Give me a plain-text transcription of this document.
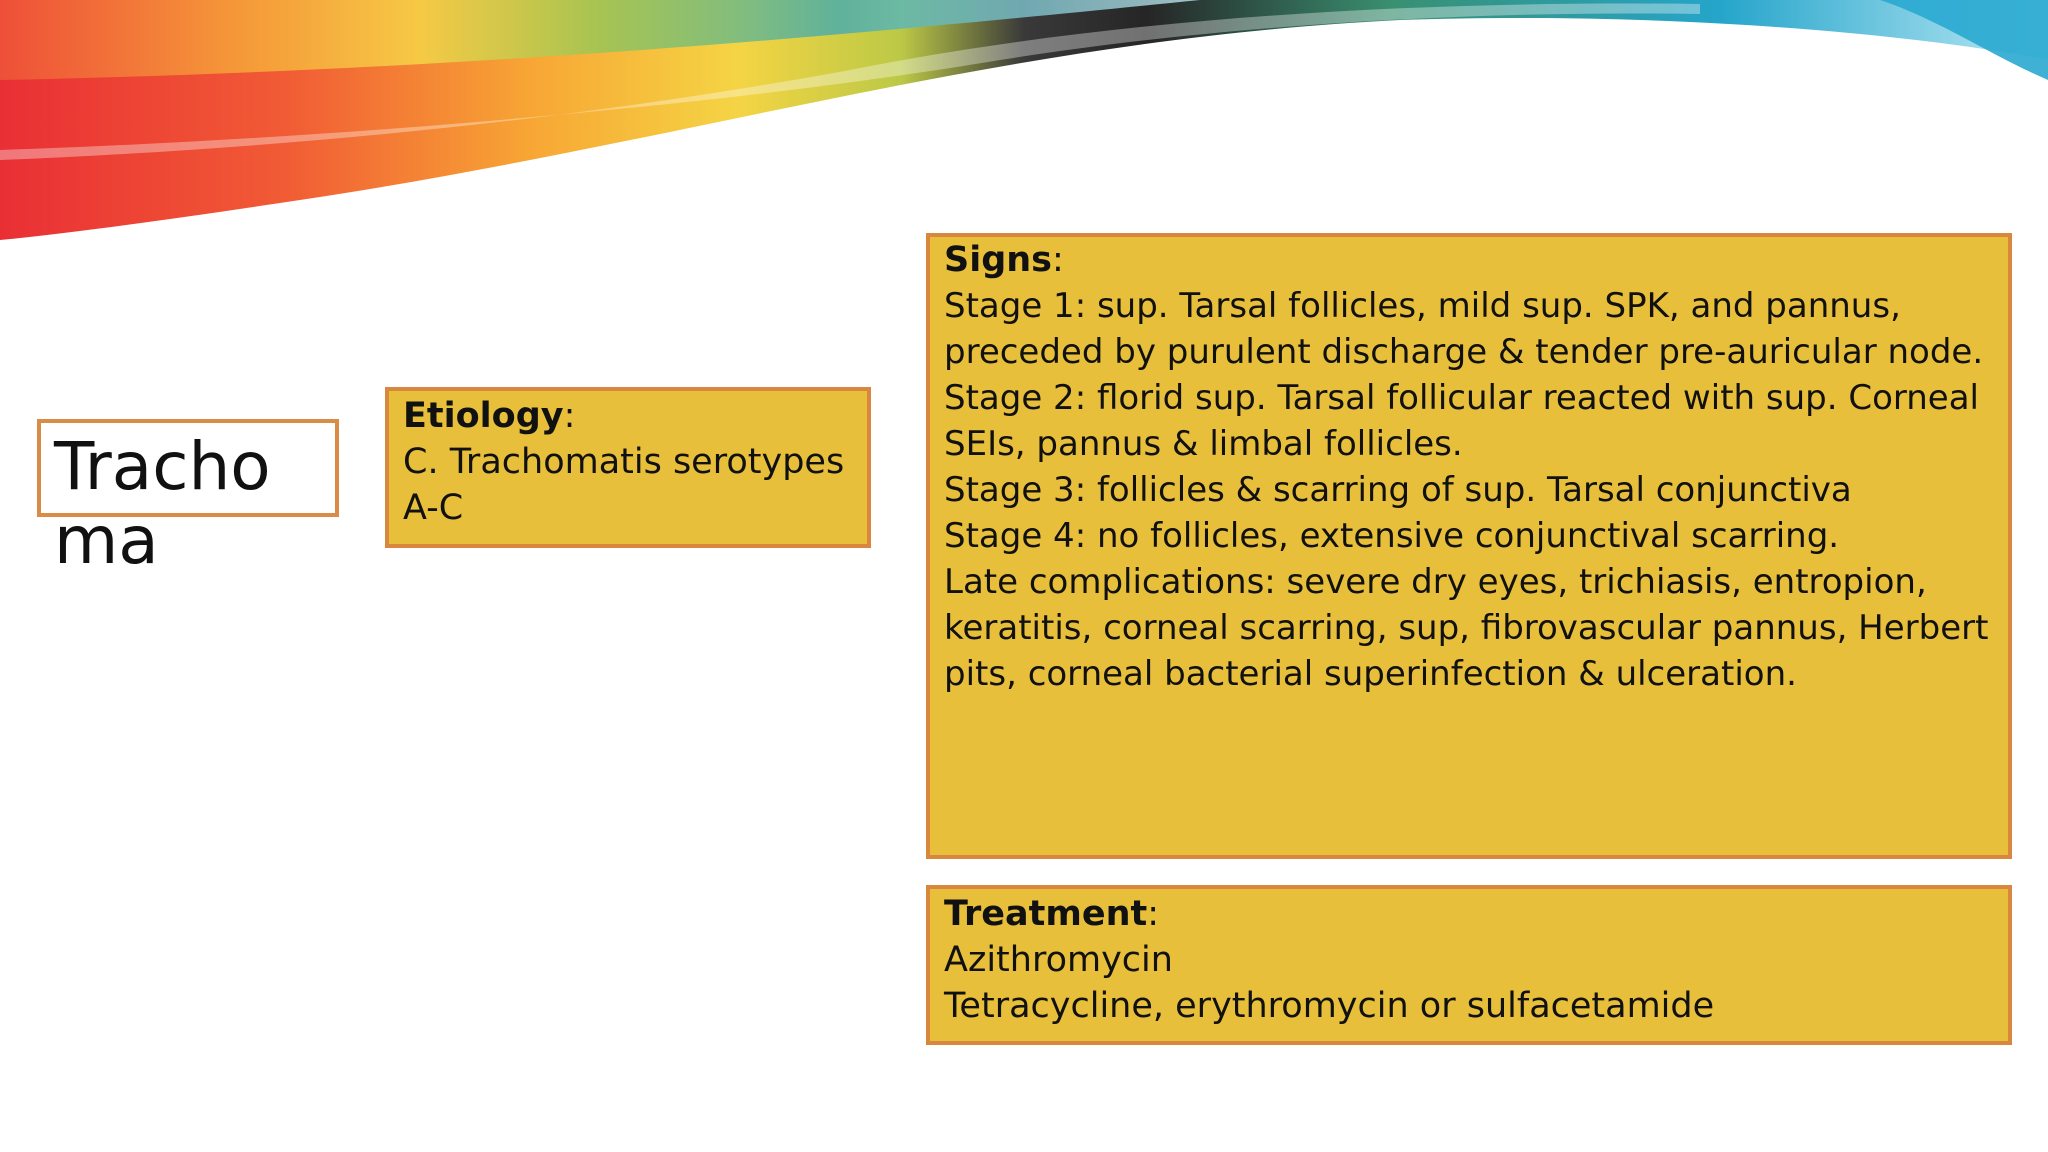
Trachoma
Etiology:
C. Trachomatis serotypes
A-C
Signs:
Stage 1: sup. Tarsal follicles, mild sup. SPK, and pannus,
preceded by purulent discharge & tender pre-auricular node.
Stage 2: florid sup. Tarsal follicular reacted with sup. Corneal
SEIs, pannus & limbal follicles.
Stage 3: follicles & scarring of sup. Tarsal conjunctiva
Stage 4: no follicles, extensive conjunctival scarring.
Late complications: severe dry eyes, trichiasis, entropion,
keratitis, corneal scarring, sup, fibrovascular pannus, Herbert
pits, corneal bacterial superinfection & ulceration.
Treatment:
Azithromycin
Tetracycline, erythromycin or sulfacetamide
